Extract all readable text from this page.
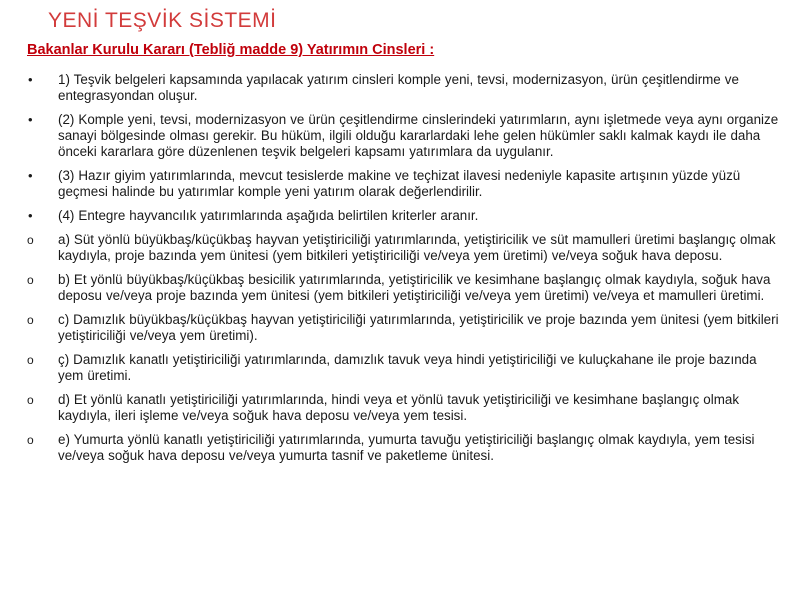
YENİ TEŞVİK SİSTEMİ
Bakanlar Kurulu Kararı (Tebliğ madde 9) Yatırımın Cinsleri :
• 1) Teşvik belgeleri kapsamında yapılacak yatırım cinsleri komple yeni, tevsi, modernizasyon, ürün çeşitlendirme ve entegrasyondan oluşur.
• (2) Komple yeni, tevsi, modernizasyon ve ürün çeşitlendirme cinslerindeki yatırımların, aynı işletmede veya aynı organize sanayi bölgesinde olması gerekir. Bu hüküm, ilgili olduğu kararlardaki lehe gelen hükümler saklı kalmak kaydı ile daha önceki kararlara göre düzenlenen teşvik belgeleri kapsamı yatırımlara da uygulanır.
• (3) Hazır giyim yatırımlarında, mevcut tesislerde makine ve teçhizat ilavesi nedeniyle kapasite artışının yüzde yüzü geçmesi halinde bu yatırımlar komple yeni yatırım olarak değerlendirilir.
• (4) Entegre hayvancılık yatırımlarında aşağıda belirtilen kriterler aranır.
o a) Süt yönlü büyükbaş/küçükbaş hayvan yetiştiriciliği yatırımlarında, yetiştiricilik ve süt mamulleri üretimi başlangıç olmak kaydıyla, proje bazında yem ünitesi (yem bitkileri yetiştiriciliği ve/veya yem üretimi) ve/veya soğuk hava deposu.
o b) Et yönlü büyükbaş/küçükbaş besicilik yatırımlarında, yetiştiricilik ve kesimhane başlangıç olmak kaydıyla, soğuk hava deposu ve/veya proje bazında yem ünitesi (yem bitkileri yetiştiriciliği ve/veya yem üretimi) ve/veya et mamulleri üretimi.
o c) Damızlık büyükbaş/küçükbaş hayvan yetiştiriciliği yatırımlarında, yetiştiricilik ve proje bazında yem ünitesi (yem bitkileri yetiştiriciliği ve/veya yem üretimi).
o ç) Damızlık kanatlı yetiştiriciliği yatırımlarında, damızlık tavuk veya hindi yetiştiriciliği ve kuluçkahane ile proje bazında yem üretimi.
o d) Et yönlü kanatlı yetiştiriciliği yatırımlarında, hindi veya et yönlü tavuk yetiştiriciliği ve kesimhane başlangıç olmak kaydıyla, ileri işleme ve/veya soğuk hava deposu ve/veya yem tesisi.
o e) Yumurta yönlü kanatlı yetiştiriciliği yatırımlarında, yumurta tavuğu yetiştiriciliği başlangıç olmak kaydıyla, yem tesisi ve/veya soğuk hava deposu ve/veya yumurta tasnif ve paketleme ünitesi.
